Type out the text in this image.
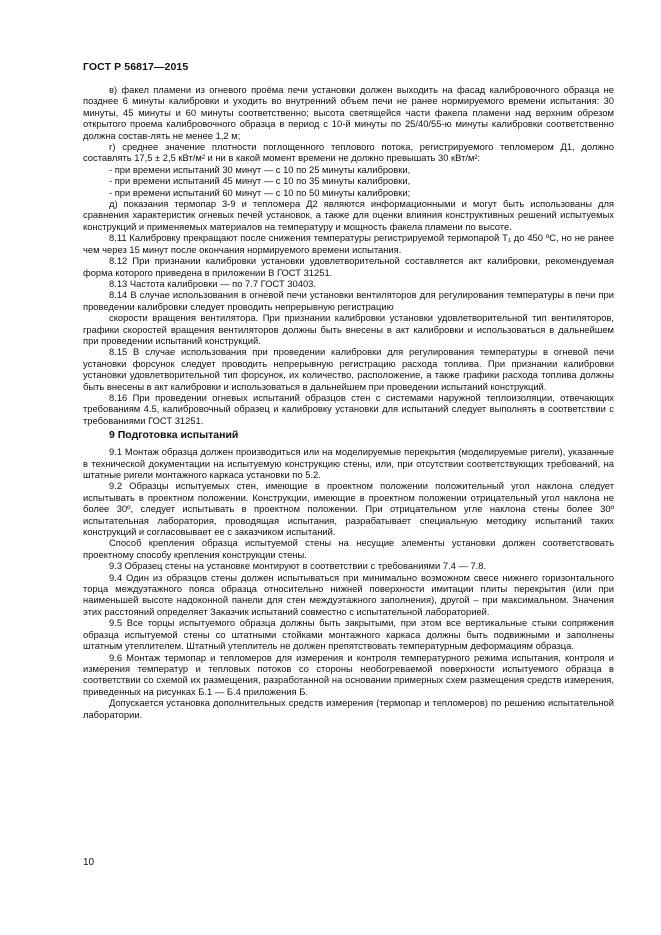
ГОСТ Р 56817—2015

в) факел пламени из огневого проёма печи установки должен выходить на фасад калибровочного образца не позднее 6 минуты калибровки и уходить во внутренний объем печи не ранее нормируемого времени испытания: 30 минуты, 45 минуты и 60 минуты соответственно; высота светящейся части факела пламени над верхним обрезом открытого проема калибровочного образца в период с 10-й минуты по 25/40/55-ю минуты калибровки соответственно должна состав-лять не менее 1,2 м;

г) среднее значение плотности поглощенного теплового потока, регистрируемого тепломером Д1, должно составлять 17,5 ± 2,5 кВт/м² и ни в какой момент времени не должно превышать 30 кВт/м²:

- при времени испытаний 30 минут — с 10 по 25 минуты калибровки,

- при времени испытаний 45 минут — с 10 по 35 минуты калибровки,

- при времени испытаний 60 минут — с 10 по 50 минуты калибровки;

д) показания термопар 3-9 и тепломера Д2 являются информационными и могут быть использованы для сравнения характеристик огневых печей установок, а также для оценки влияния конструктивных решений испытуемых конструкций и применяемых материалов на температуру и мощность факела пламени по высоте.

8.11 Калибровку прекращают после снижения температуры регистрируемой термопарой Т₁ до 450 ºС, но не ранее чем через 15 минут после окончания нормируемого времени испытания.

8.12 При признании калибровки установки удовлетворительной составляется акт калибровки, рекомендуемая форма которого приведена в приложении В ГОСТ 31251.

8.13 Частота калибровки — по 7.7 ГОСТ 30403.

8.14 В случае использования в огневой печи установки вентиляторов для регулирования температуры в печи при проведении калибровки следует проводить непрерывную регистрацию

скорости вращения вентилятора. При признании калибровки установки удовлетворительной тип вентиляторов, графики скоростей вращения вентиляторов должны быть внесены в акт калибровки и использоваться в дальнейшем при проведении испытаний конструкций.

8.15 В случае использования при проведении калибровки для регулирования температуры в огневой печи установки форсунок следует проводить непрерывную регистрацию расхода топлива. При признании калибровки установки удовлетворительной тип форсунок, их количество, расположение, а также графики расхода топлива должны быть внесены в акт калибровки и использоваться в дальнейшем при проведении испытаний конструкций.

8.16 При проведении огневых испытаний образцов стен с системами наружной теплоизоляции, отвечающих требованиям 4.5, калибровочный образец и калибровку установки для испытаний следует выполнять в соответствии с требованиями ГОСТ 31251.

9 Подготовка испытаний

9.1 Монтаж образца должен производиться или на моделируемые перекрытия (моделируемые ригели), указанные в технической документации на испытуемую конструкцию стены, или, при отсутствии соответствующих требований, на штатные ригели монтажного каркаса установки по 5.2.

9.2 Образцы испытуемых стен, имеющие в проектном положении положительный угол наклона следует испытывать в проектном положении. Конструкции, имеющие в проектном положении отрицательный угол наклона не более 30º, следует испытывать в проектном положении. При отрицательном угле наклона стены более 30º испытательная лаборатория, проводящая испытания, разрабатывает специальную методику испытаний таких конструкций и согласовывает ее с заказчиком испытаний.

Способ крепления образца испытуемой стены на несущие элементы установки должен соответствовать проектному способу крепления конструкции стены.

9.3 Образец стены на установке монтируют в соответствии с требованиями 7.4 — 7.8.

9.4 Один из образцов стены должен испытываться при минимально возможном свесе нижнего горизонтального торца междуэтажного пояса образца относительно нижней поверхности имитации плиты перекрытия (или при наименьшей высоте надоконной панели для стен междуэтажного заполнения), другой – при максимальном. Значения этих расстояний определяет Заказчик испытаний совместно с испытательной лабораторией.

9.5 Все торцы испытуемого образца должны быть закрытыми, при этом все вертикальные стыки сопряжения образца испытуемой стены со штатными стойками монтажного каркаса должны быть подвижными и заполнены штатным утеплителем. Штатный утеплитель не должен препятствовать температурным деформациям образца.

9.6 Монтаж термопар и тепломеров для измерения и контроля температурного режима испытания, контроля и измерения температур и тепловых потоков со стороны необогреваемой поверхности испытуемого образца в соответствии со схемой их размещения, разработанной на основании примерных схем размещения средств измерения, приведенных на рисунках Б.1 — Б.4 приложения Б.

Допускается установка дополнительных средств измерения (термопар и тепломеров) по решению испытательной лаборатории.

10
